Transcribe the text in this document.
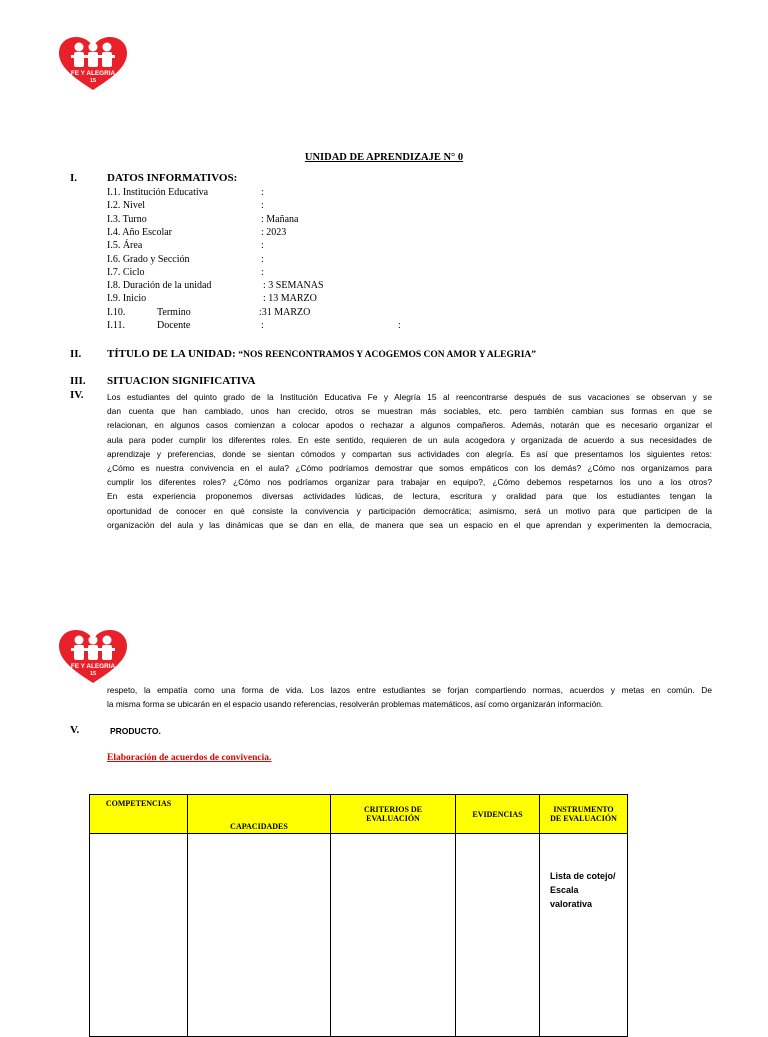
FE Y ALEGRIA
15
FE Y ALEGRIA
15
UNIDAD DE APRENDIZAJE N° 0
I.	DATOS INFORMATIVOS:
I.1. Institución Educativa	:
I.2. Nivel	:
I.3. Turno	: Mañana
I.4. Año Escolar	: 2023
I.5. Área	:
I.6. Grado y Sección	:
I.7. Ciclo	:
I.8. Duración de la unidad	: 3 SEMANAS
I.9. Inicio	: 13 MARZO
I.10.	Termino	:31 MARZO
I.11.	Docente	:	:
II. TÍTULO DE LA UNIDAD: “NOS REENCONTRAMOS Y ACOGEMOS CON AMOR Y ALEGRIA”
III. SITUACION SIGNIFICATIVA
IV.	Los estudiantes del quinto grado de la Institución Educativa Fe y Alegría 15 al reencontrarse después de sus vacaciones se observan y se
dan cuenta que han cambiado, unos han crecido, otros se muestran más sociables, etc. pero también cambian sus formas en que se
relacionan, en algunos casos comienzan a colocar apodos o rechazar a algunos compañeros. Además, notarán que es necesario organizar el
aula para poder cumplir los diferentes roles. En este sentido, requieren de un aula acogedora y organizada de acuerdo a sus necesidades de
aprendizaje y preferencias, donde se sientan cómodos y compartan sus actividades con alegría. Es así que presentamos los siguientes retos:
¿Cómo es nuestra convivencia en el aula? ¿Cómo podríamos demostrar que somos empáticos con los demás? ¿Cómo nos organizamos para
cumplir los diferentes roles? ¿Cómo nos podríamos organizar para trabajar en equipo?, ¿Cómo debemos respetarnos los uno a los otros?
En esta experiencia proponemos diversas actividades lúdicas, de lectura, escritura y oralidad para que los estudiantes tengan la
oportunidad de conocer en qué consiste la convivencia y participación democrática; asimismo, será un motivo para que participen de la
organización del aula y las dinámicas que se dan en ella, de manera que sea un espacio en el que aprendan y experimenten la democracia,
respeto, la empatía como una forma de vida. Los lazos entre estudiantes se forjan compartiendo normas, acuerdos y metas en común. De
la misma forma se ubicarán en el espacio usando referencias, resolverán problemas matemáticos, así como organizarán información.
V.	PRODUCTO.
Elaboración de acuerdos de convivencia.
COMPETENCIAS	CAPACIDADES	CRITERIOS DE EVALUACIÓN	EVIDENCIAS	INSTRUMENTO DE EVALUACIÓN

				Lista de cotejo/
Escala
valorativa
